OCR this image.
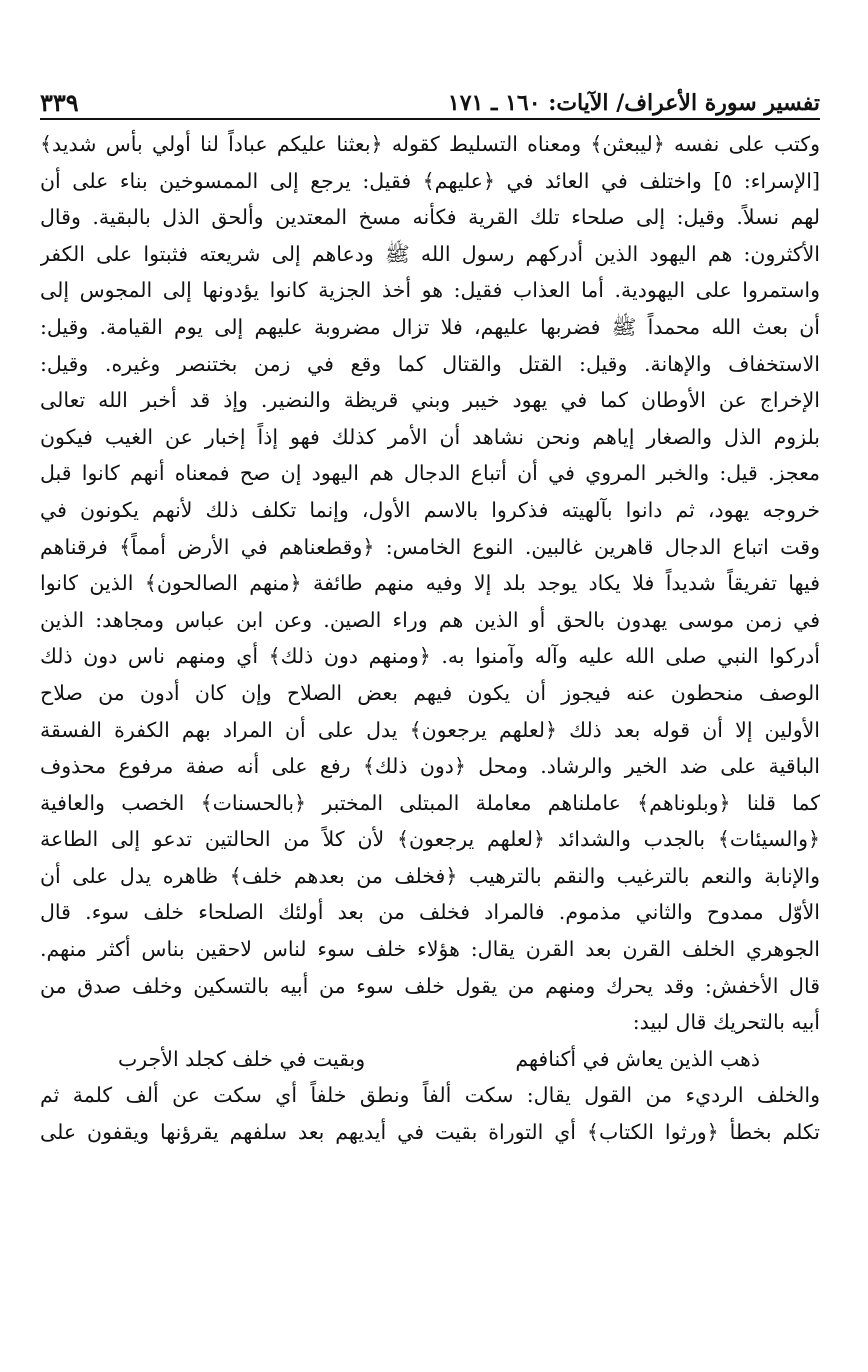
تفسير سورة الأعراف/ الآيات: ١٦٠ ـ ١٧١
٣٣٩
وكتب على نفسه ﴿ليبعثن﴾ ومعناه التسليط كقوله ﴿بعثنا عليكم عباداً لنا أولي بأس شديد﴾
[الإسراء: ٥] واختلف في العائد في ﴿عليهم﴾ فقيل: يرجع إلى الممسوخين بناء على أن
لهم نسلاً. وقيل: إلى صلحاء تلك القرية فكأنه مسخ المعتدين وألحق الذل بالبقية. وقال
الأكثرون: هم اليهود الذين أدركهم رسول الله ﷺ ودعاهم إلى شريعته فثبتوا على الكفر
واستمروا على اليهودية. أما العذاب فقيل: هو أخذ الجزية كانوا يؤدونها إلى المجوس إلى
أن بعث الله محمداً ﷺ فضربها عليهم، فلا تزال مضروبة عليهم إلى يوم القيامة. وقيل:
الاستخفاف والإهانة. وقيل: القتل والقتال كما وقع في زمن بختنصر وغيره. وقيل:
الإخراج عن الأوطان كما في يهود خيبر وبني قريظة والنضير. وإذ قد أخبر الله تعالى
بلزوم الذل والصغار إياهم ونحن نشاهد أن الأمر كذلك فهو إذاً إخبار عن الغيب فيكون
معجز. قيل: والخبر المروي في أن أتباع الدجال هم اليهود إن صح فمعناه أنهم كانوا قبل
خروجه يهود، ثم دانوا بآلهيته فذكروا بالاسم الأول، وإنما تكلف ذلك لأنهم يكونون في
وقت اتباع الدجال قاهرين غالبين. النوع الخامس: ﴿وقطعناهم في الأرض أمماً﴾ فرقناهم
فيها تفريقاً شديداً فلا يكاد يوجد بلد إلا وفيه منهم طائفة ﴿منهم الصالحون﴾ الذين كانوا
في زمن موسى يهدون بالحق أو الذين هم وراء الصين. وعن ابن عباس ومجاهد: الذين
أدركوا النبي صلى الله عليه وآله وآمنوا به. ﴿ومنهم دون ذلك﴾ أي ومنهم ناس دون ذلك
الوصف منحطون عنه فيجوز أن يكون فيهم بعض الصلاح وإن كان أدون من صلاح
الأولين إلا أن قوله بعد ذلك ﴿لعلهم يرجعون﴾ يدل على أن المراد بهم الكفرة الفسقة
الباقية على ضد الخير والرشاد. ومحل ﴿دون ذلك﴾ رفع على أنه صفة مرفوع محذوف
كما قلنا ﴿وبلوناهم﴾ عاملناهم معاملة المبتلى المختبر ﴿بالحسنات﴾ الخصب والعافية
﴿والسيئات﴾ بالجدب والشدائد ﴿لعلهم يرجعون﴾ لأن كلاً من الحالتين تدعو إلى الطاعة
والإنابة والنعم بالترغيب والنقم بالترهيب ﴿فخلف من بعدهم خلف﴾ ظاهره يدل على أن
الأوّل ممدوح والثاني مذموم. فالمراد فخلف من بعد أولئك الصلحاء خلف سوء. قال
الجوهري الخلف القرن بعد القرن يقال: هؤلاء خلف سوء لناس لاحقين بناس أكثر منهم.
قال الأخفش: وقد يحرك ومنهم من يقول خلف سوء من أبيه بالتسكين وخلف صدق من
أبيه بالتحريك قال لبيد:
ذهب الذين يعاش في أكنافهم
وبقيت في خلف كجلد الأجرب
والخلف الرديء من القول يقال: سكت ألفاً ونطق خلفاً أي سكت عن ألف كلمة ثم
تكلم بخطأ ﴿ورثوا الكتاب﴾ أي التوراة بقيت في أيديهم بعد سلفهم يقرؤنها ويقفون على
